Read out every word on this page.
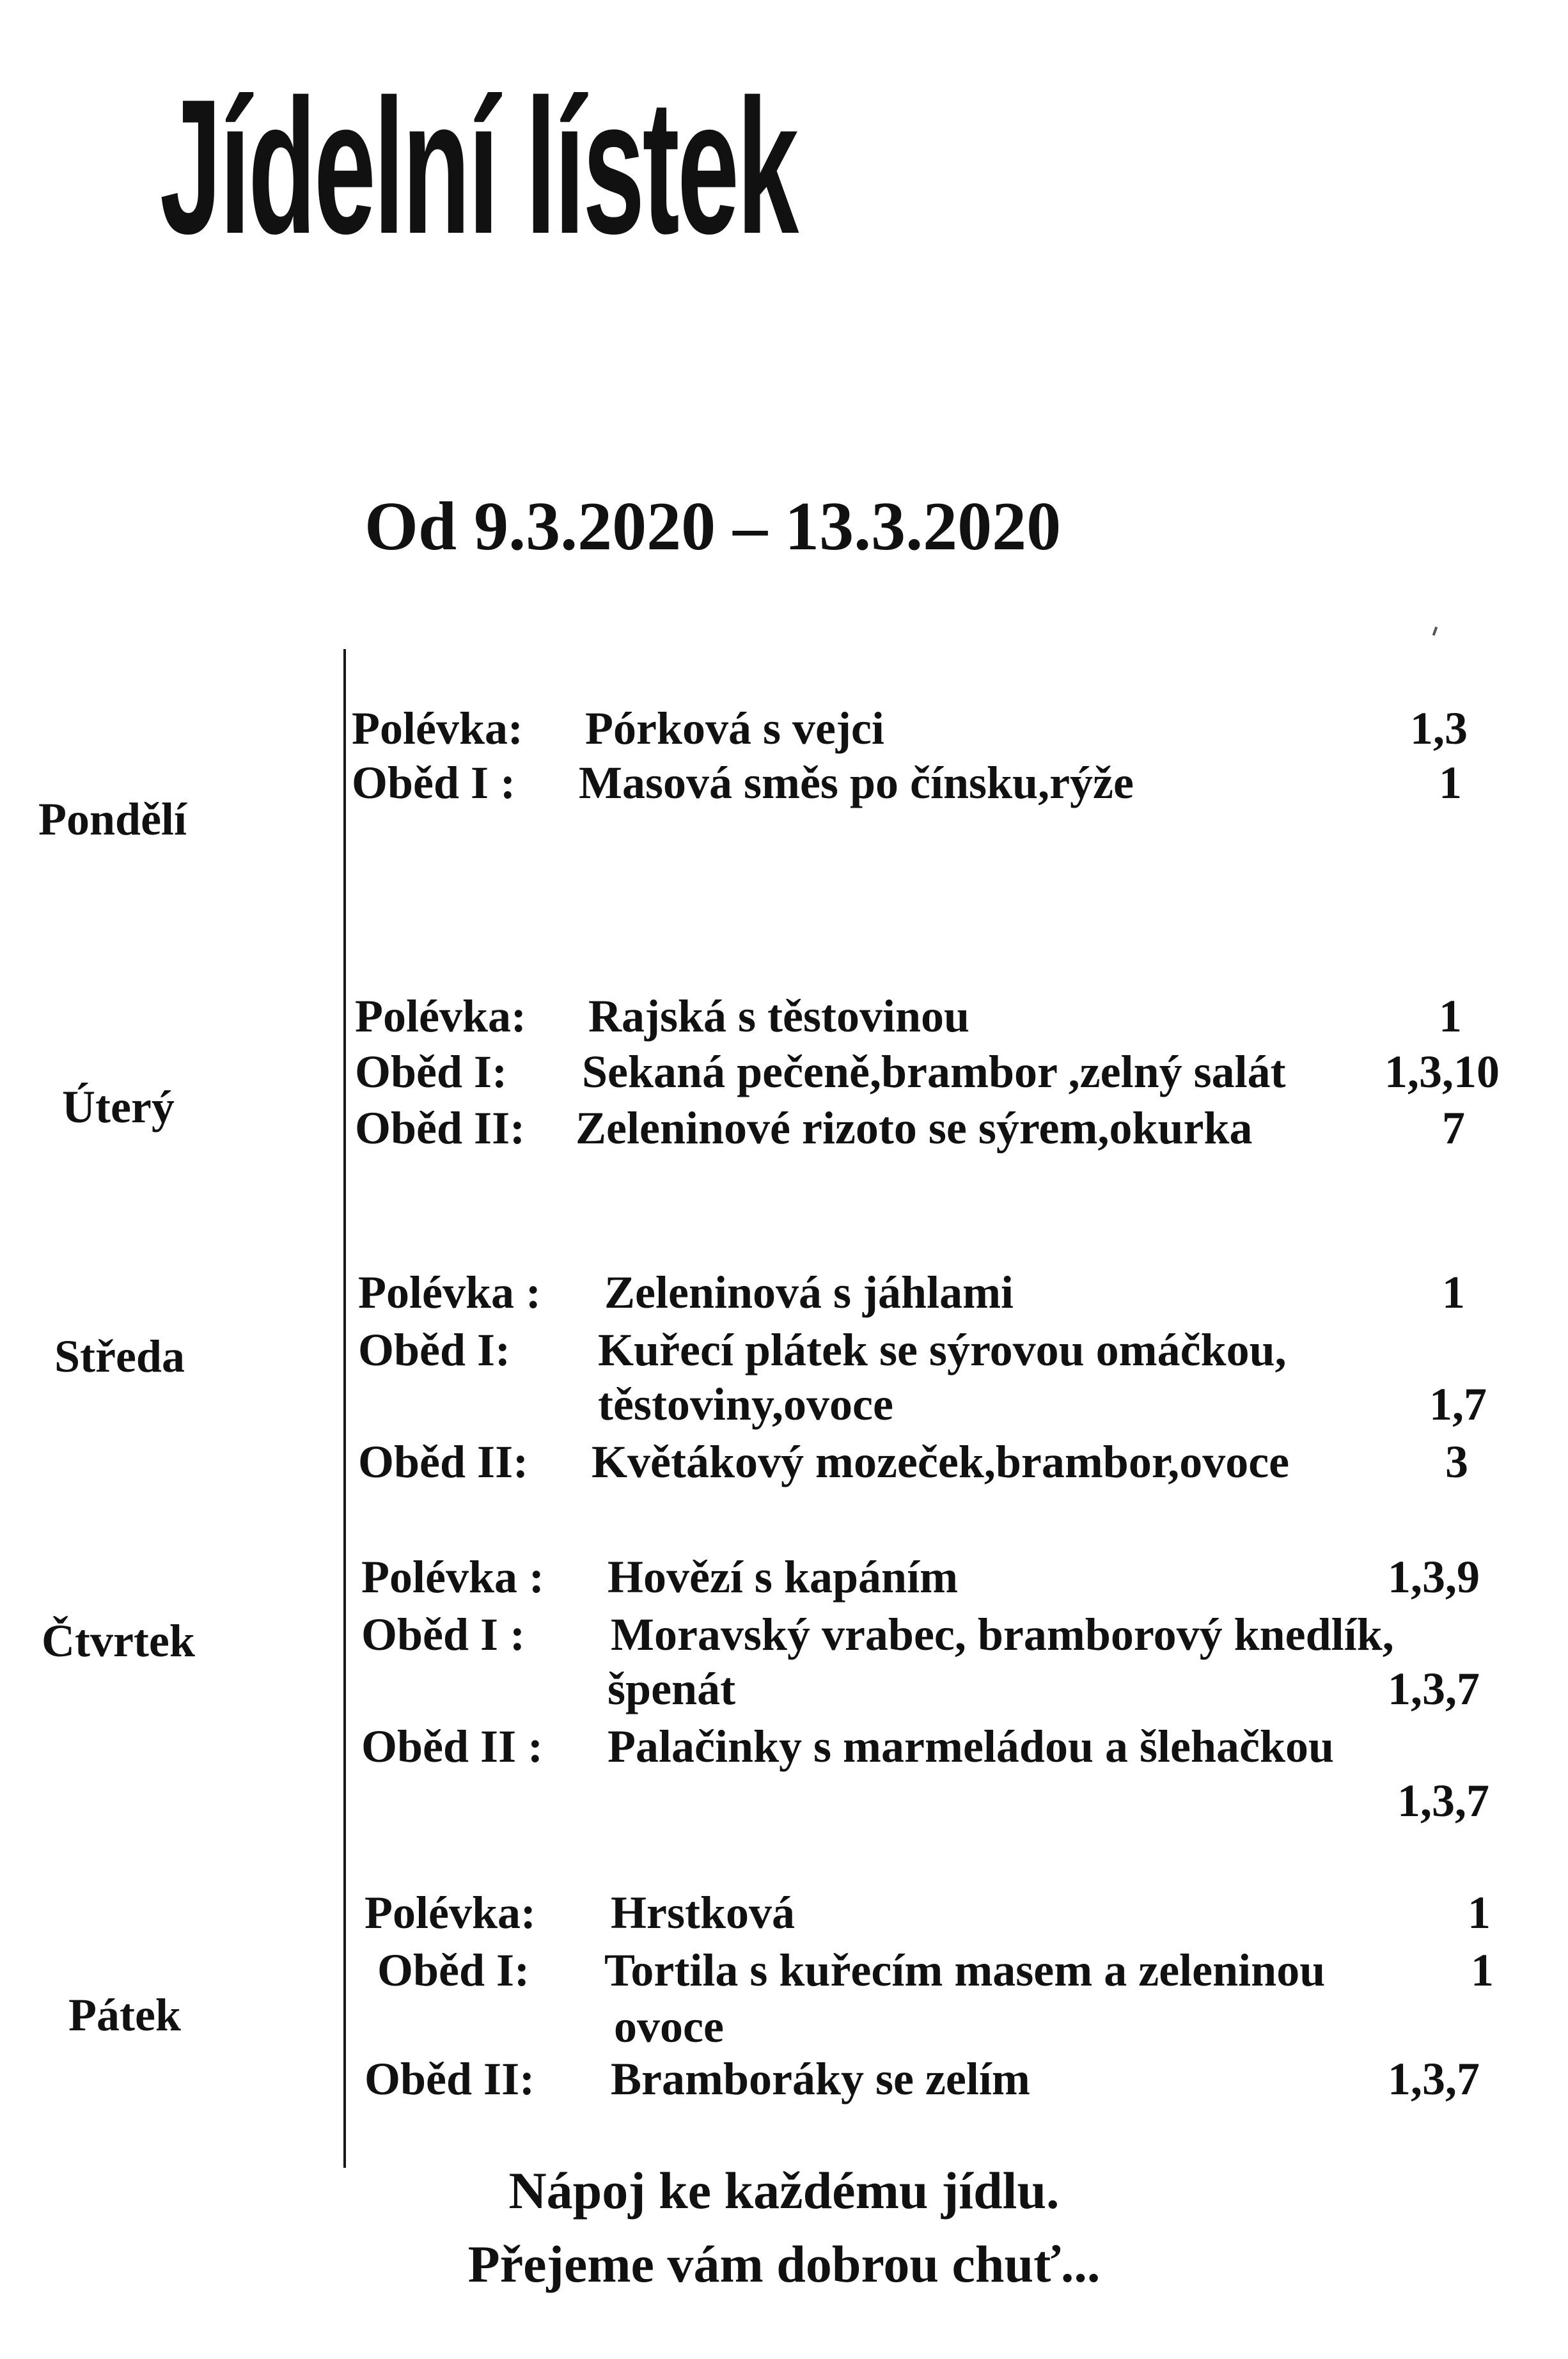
Jídelní lístek
Od 9.3.2020 – 13.3.2020
Pondělí
Polévka: Pórková s vejci	1,3
Oběd I : Masová směs po čínsku,rýže	1
Úterý
Polévka: Rajská s těstovinou	1
Oběd I: Sekaná pečeně,brambor ,zelný salát 1,3,10
Oběd II: Zeleninové rizoto se sýrem,okurka	7
Středa
Polévka : Zeleninová s jáhlami	1
Oběd I: Kuřecí plátek se sýrovou omáčkou,
těstoviny,ovoce	1,7
Oběd II: Květákový mozeček,brambor,ovoce	3
Čtvrtek
Polévka : Hovězí s kapáním	1,3,9
Oběd I : Moravský vrabec, bramborový knedlík,
špenát	1,3,7
Oběd II : Palačinky s marmeládou a šlehačkou
1,3,7
Pátek
Polévka: Hrstková	1
Oběd I: Tortila s kuřecím masem a zeleninou	1
ovoce
Oběd II: Bramboráky se zelím	1,3,7
Nápoj ke každému jídlu.
Přejeme vám dobrou chuť...
